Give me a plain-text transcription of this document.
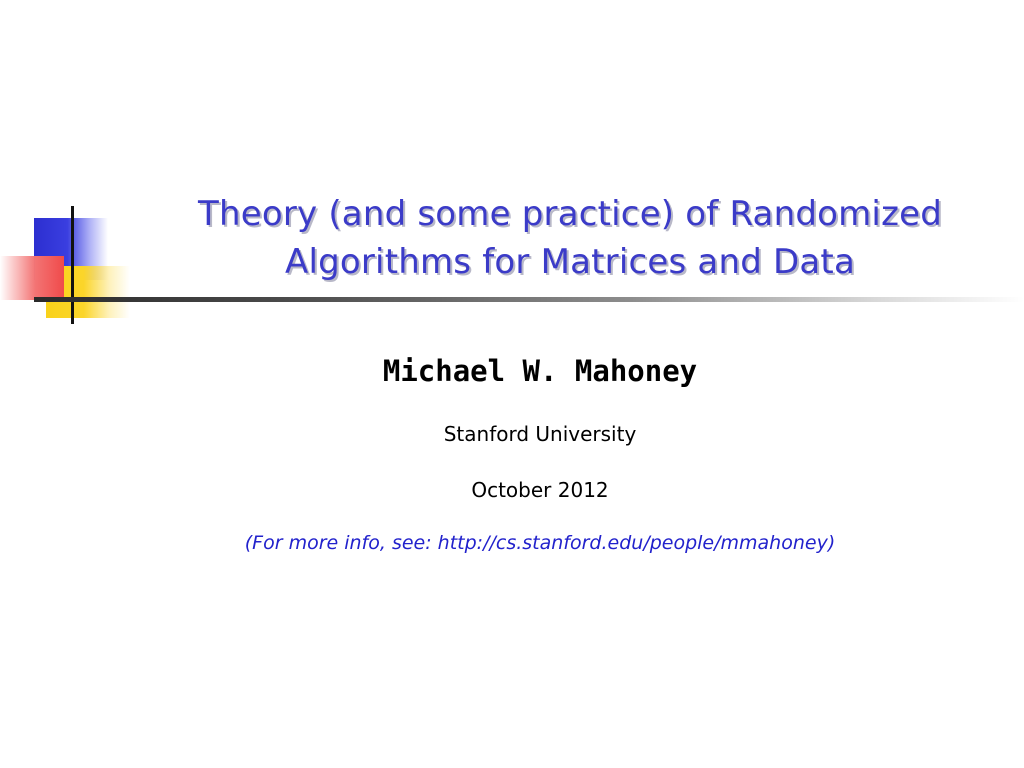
Theory (and some practice) of Randomized
Algorithms for Matrices and Data
Michael W. Mahoney
Stanford University
October 2012
(For more info, see: http://cs.stanford.edu/people/mmahoney)
